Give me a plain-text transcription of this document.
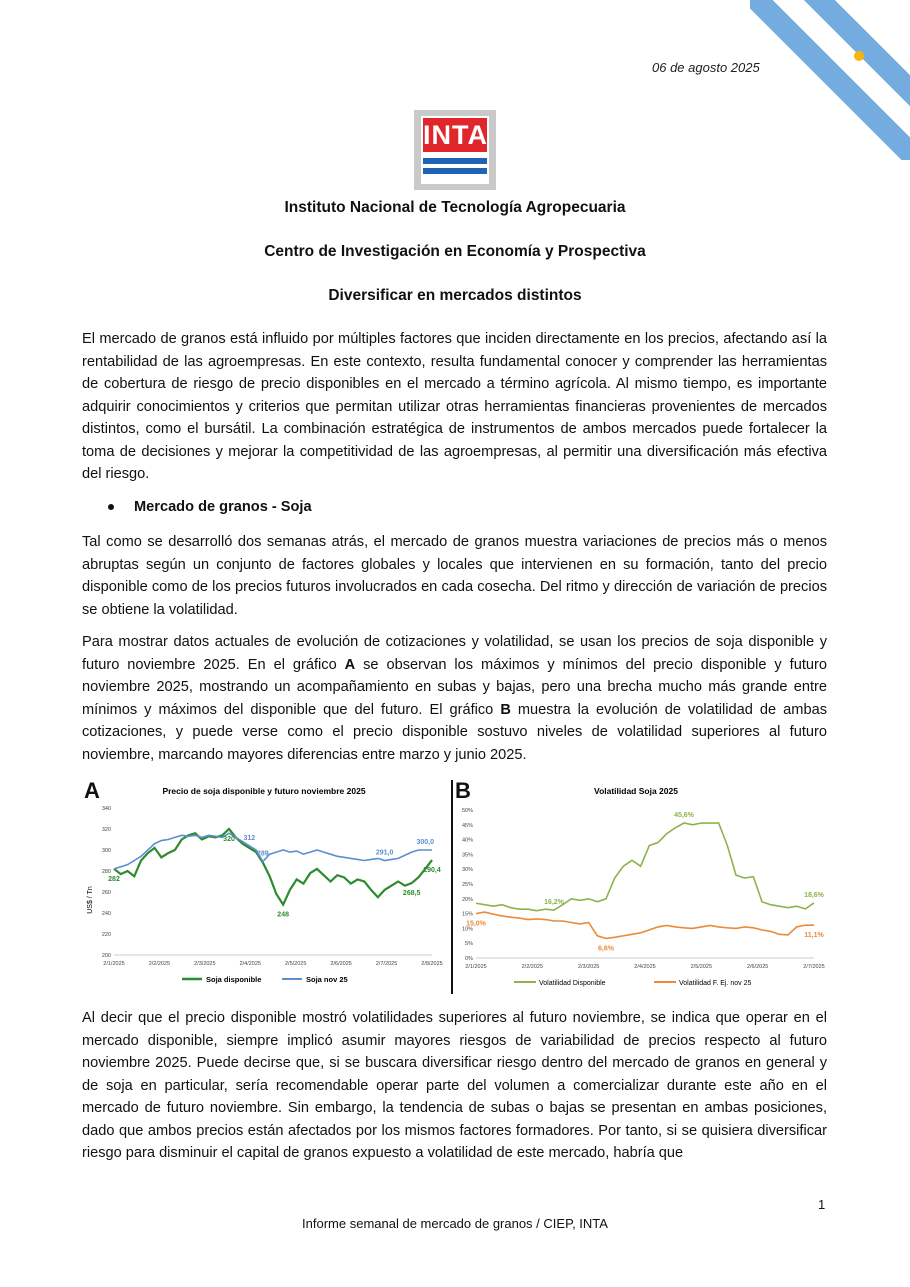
06 de agosto 2025
INTA
Instituto Nacional de Tecnología Agropecuaria
Centro de Investigación en Economía y Prospectiva
Diversificar en mercados distintos

El mercado de granos está influido por múltiples factores que inciden directamente en los precios, afectando así la rentabilidad de las agroempresas. En este contexto, resulta fundamental conocer y comprender las herramientas de cobertura de riesgo de precio disponibles en el mercado a término agrícola. Al mismo tiempo, es importante adquirir conocimientos y criterios que permitan utilizar otras herramientas financieras provenientes de mercados distintos, como el bursátil. La combinación estratégica de instrumentos de ambos mercados puede fortalecer la toma de decisiones y mejorar la competitividad de las agroempresas, al permitir una diversificación más efectiva del riesgo.

Mercado de granos - Soja

Tal como se desarrolló dos semanas atrás, el mercado de granos muestra variaciones de precios más o menos abruptas según un conjunto de factores globales y locales que intervienen en su formación, tanto del precio disponible como de los precios futuros involucrados en cada cosecha. Del ritmo y dirección de variación de precios se obtiene la volatilidad.

Para mostrar datos actuales de evolución de cotizaciones y volatilidad, se usan los precios de soja disponible y futuro noviembre 2025. En el gráfico A se observan los máximos y mínimos del precio disponible y futuro noviembre 2025, mostrando un acompañamiento en subas y bajas, pero una brecha mucho más grande entre mínimos y máximos del disponible que del futuro. El gráfico B muestra la evolución de volatilidad de ambas cotizaciones, y puede verse como el precio disponible sostuvo niveles de volatilidad superiores al futuro noviembre, marcando mayores diferencias entre marzo y junio 2025.

A	Precio de soja disponible y futuro noviembre 2025
US$ / Tn
200
220
240
260
280
300
320
340
2/1/2025	2/2/2025	2/3/2025	2/4/2025	2/5/2025	2/6/2025	2/7/2025	2/8/2025
282
320 312
289
248
291,0
268,5
300,0
290,4
Soja disponible	Soja nov 25
B	Volatilidad Soja 2025
0%
5%
10%
15%
20%
25%
30%
35%
40%
45%
50%
2/1/2025	2/2/2025	2/3/2025	2/4/2025	2/5/2025	2/6/2025	2/7/2025
45,6%
16,2%
18,6%
15,0%
6,6%
11,1%
Volatilidad Disponible	Volatilidad F. Ej. nov 25

Al decir que el precio disponible mostró volatilidades superiores al futuro noviembre, se indica que operar en el mercado disponible, siempre implicó asumir mayores riesgos de variabilidad de precios respecto al futuro noviembre 2025. Puede decirse que, si se buscara diversificar riesgo dentro del mercado de granos en general y de soja en particular, sería recomendable operar parte del volumen a comercializar durante este año en el mercado de futuro noviembre. Sin embargo, la tendencia de subas o bajas se presentan en ambas posiciones, dado que ambos precios están afectados por los mismos factores formadores. Por tanto, si se quisiera diversificar riesgo para disminuir el capital de granos expuesto a volatilidad de este mercado, habría que

1
Informe semanal de mercado de granos / CIEP, INTA
